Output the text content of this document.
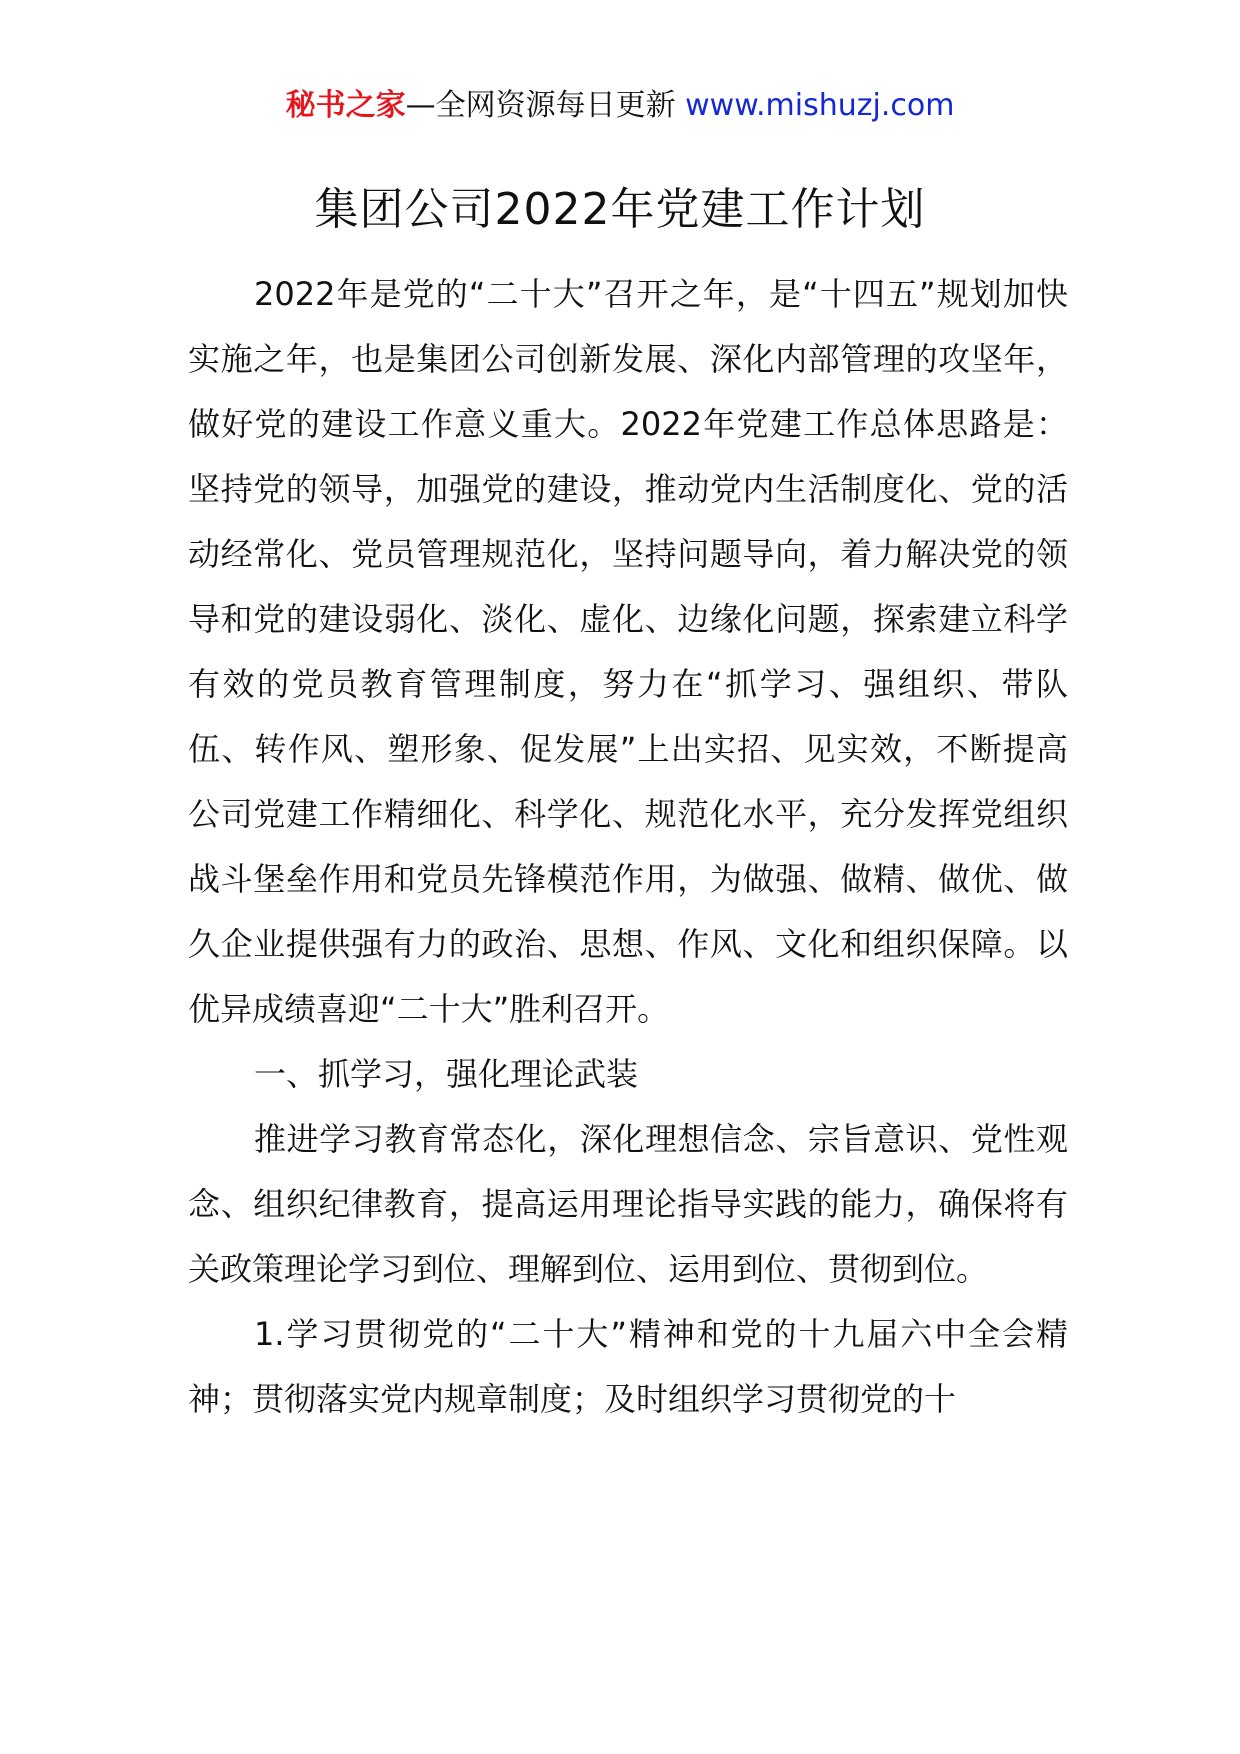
秘书之家—全网资源每日更新 www.mishuzj.com
集团公司2022年党建工作计划

2022年是党的“二十大”召开之年，是“十四五”规划加快实施之年，也是集团公司创新发展、深化内部管理的攻坚年，做好党的建设工作意义重大。2022年党建工作总体思路是：坚持党的领导，加强党的建设，推动党内生活制度化、党的活动经常化、党员管理规范化，坚持问题导向，着力解决党的领导和党的建设弱化、淡化、虚化、边缘化问题，探索建立科学有效的党员教育管理制度，努力在“抓学习、强组织、带队伍、转作风、塑形象、促发展”上出实招、见实效，不断提高公司党建工作精细化、科学化、规范化水平，充分发挥党组织战斗堡垒作用和党员先锋模范作用，为做强、做精、做优、做久企业提供强有力的政治、思想、作风、文化和组织保障。以优异成绩喜迎“二十大”胜利召开。

一、抓学习，强化理论武装

推进学习教育常态化，深化理想信念、宗旨意识、党性观念、组织纪律教育，提高运用理论指导实践的能力，确保将有关政策理论学习到位、理解到位、运用到位、贯彻到位。

1.学习贯彻党的“二十大”精神和党的十九届六中全会精神；贯彻落实党内规章制度；及时组织学习贯彻党的十
